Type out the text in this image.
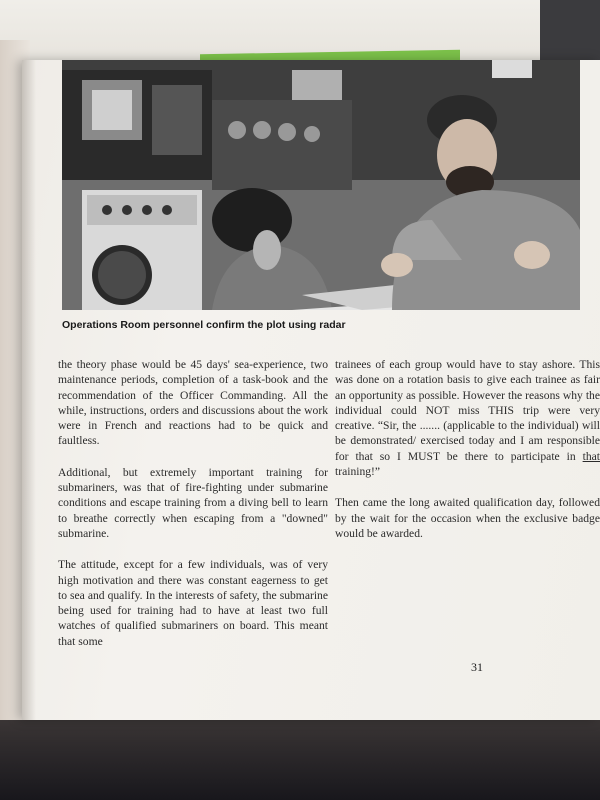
Operations Room personnel confirm the plot using radar

the theory phase would be 45 days' sea-experience, two maintenance periods, completion of a task-book and the recommendation of the Officer Commanding. All the while, instructions, orders and discussions about the work were in French and reactions had to be quick and faultless.

Additional, but extremely important training for submariners, was that of fire-fighting under submarine conditions and escape training from a diving bell to learn to breathe correctly when escaping from a "downed" submarine.

The attitude, except for a few individuals, was of very high motivation and there was constant eagerness to get to sea and qualify. In the interests of safety, the submarine being used for training had to have at least two full watches of qualified submariners on board. This meant that some

trainees of each group would have to stay ashore. This was done on a rotation basis to give each trainee as fair an opportunity as possible. However the reasons why the individual could NOT miss THIS trip were very creative. “Sir, the ....... (applicable to the individual) will be demonstrated/ exercised today and I am responsible for that so I MUST be there to participate in that training!”

Then came the long awaited qualification day, followed by the wait for the occasion when the exclusive badge would be awarded.

31
